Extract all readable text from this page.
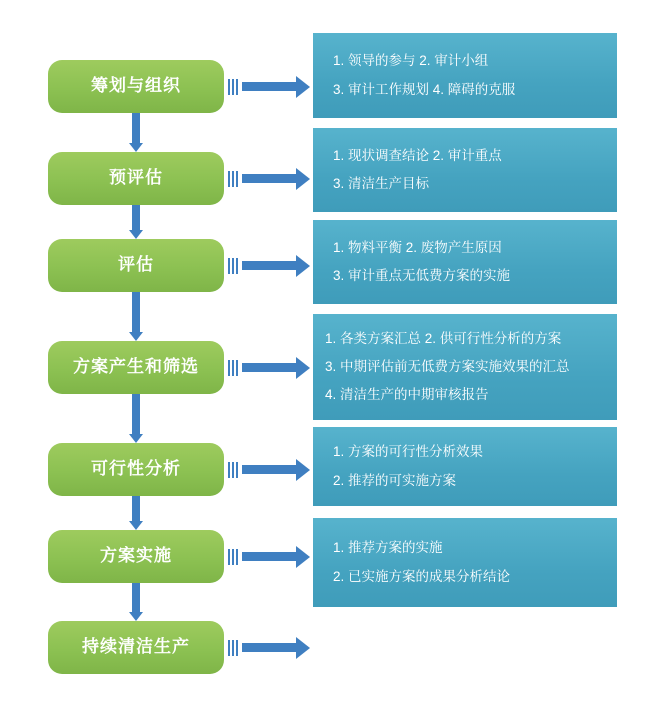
筹划与组织
预评估
评估
方案产生和筛选
可行性分析
方案实施
持续清洁生产
1. 领导的参与 2. 审计小组
3. 审计工作规划 4. 障碍的克服
1. 现状调查结论 2. 审计重点
3. 清洁生产目标
1. 物料平衡 2. 废物产生原因
3. 审计重点无低费方案的实施
1. 各类方案汇总 2. 供可行性分析的方案
3. 中期评估前无低费方案实施效果的汇总
4. 清洁生产的中期审核报告
1. 方案的可行性分析效果
2. 推荐的可实施方案
1. 推荐方案的实施
2. 已实施方案的成果分析结论
